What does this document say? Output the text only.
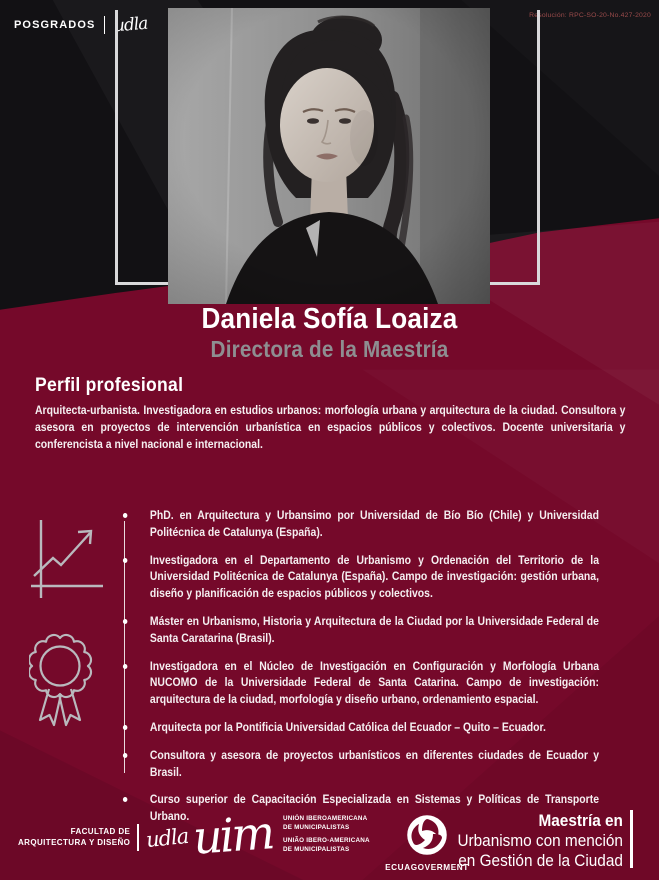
POSGRADOS udla	Resolución: RPC-SO-20-No.427-2020
Daniela Sofía Loaiza
Directora de la Maestría
Perfil profesional

Arquitecta-urbanista. Investigadora en estudios urbanos: morfología urbana y arquitectura de la ciudad. Consultora y asesora en proyectos de intervención urbanística en espacios públicos y colectivos. Docente universitaria y conferencista a nivel nacional e internacional.

PhD. en Arquitectura y Urbansimo por Universidad de Bío Bío (Chile) y Universidad Politécnica de Catalunya (España).
Investigadora en el Departamento de Urbanismo y Ordenación del Territorio de la Universidad Politécnica de Catalunya (España). Campo de investigación: gestión urbana, diseño y planificación de espacios públicos y colectivos.
Máster en Urbanismo, Historia y Arquitectura de la Ciudad por la Universidade Federal de Santa Caratarina (Brasil).
Investigadora en el Núcleo de Investigación en Configuración y Morfología Urbana NUCOMO de la Universidade Federal de Santa Catarina. Campo de investigación: arquitectura de la ciudad, morfología y diseño urbano, ordenamiento espacial.
Arquitecta por la Pontificia Universidad Católica del Ecuador – Quito – Ecuador.
Consultora y asesora de proyectos urbanísticos en diferentes ciudades de Ecuador y Brasil.
Curso superior de Capacitación Especializada en Sistemas y Políticas de Transporte Urbano.
FACULTAD DE
ARQUITECTURA Y DISEÑO udla uim UNIÓN IBEROAMERICANA
DE MUNICIPALISTAS
UNIÃO IBERO-AMERICANA
DE MUNICIPALISTAS
ECUAGOVERMENT
Maestría en
Urbanismo con mención
en Gestión de la Ciudad
